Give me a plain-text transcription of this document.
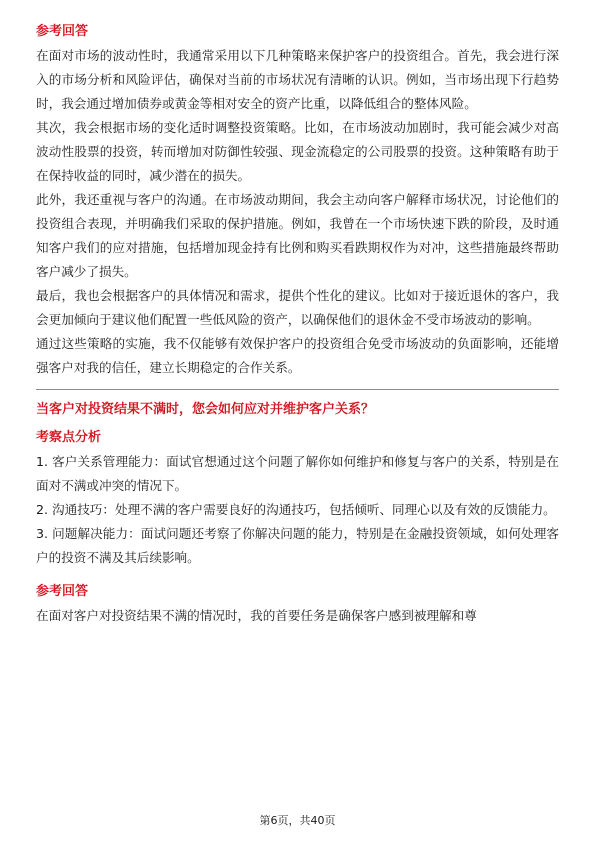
参考回答

在面对市场的波动性时，我通常采用以下几种策略来保护客户的投资组合。首先，我会进行深入的市场分析和风险评估，确保对当前的市场状况有清晰的认识。例如，当市场出现下行趋势时，我会通过增加债券或黄金等相对安全的资产比重，以降低组合的整体风险。

其次，我会根据市场的变化适时调整投资策略。比如，在市场波动加剧时，我可能会减少对高波动性股票的投资，转而增加对防御性较强、现金流稳定的公司股票的投资。这种策略有助于在保持收益的同时，减少潜在的损失。

此外，我还重视与客户的沟通。在市场波动期间，我会主动向客户解释市场状况，讨论他们的投资组合表现，并明确我们采取的保护措施。例如，我曾在一个市场快速下跌的阶段，及时通知客户我们的应对措施，包括增加现金持有比例和购买看跌期权作为对冲，这些措施最终帮助客户减少了损失。

最后，我也会根据客户的具体情况和需求，提供个性化的建议。比如对于接近退休的客户，我会更加倾向于建议他们配置一些低风险的资产，以确保他们的退休金不受市场波动的影响。

通过这些策略的实施，我不仅能够有效保护客户的投资组合免受市场波动的负面影响，还能增强客户对我的信任，建立长期稳定的合作关系。

当客户对投资结果不满时，您会如何应对并维护客户关系？
考察点分析

1. 客户关系管理能力：面试官想通过这个问题了解你如何维护和修复与客户的关系，特别是在面对不满或冲突的情况下。

2. 沟通技巧：处理不满的客户需要良好的沟通技巧，包括倾听、同理心以及有效的反馈能力。

3. 问题解决能力：面试问题还考察了你解决问题的能力，特别是在金融投资领域，如何处理客户的投资不满及其后续影响。

参考回答

在面对客户对投资结果不满的情况时，我的首要任务是确保客户感到被理解和尊

第6页，共40页
